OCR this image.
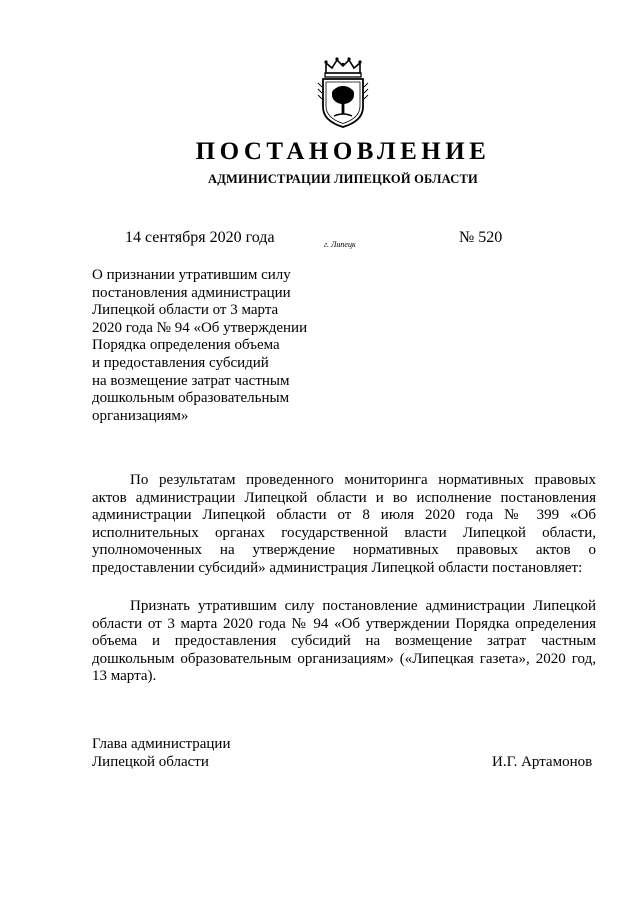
ПОСТАНОВЛЕНИЕ
АДМИНИСТРАЦИИ ЛИПЕЦКОЙ ОБЛАСТИ
14 сентября 2020 года	г. Липецк	№ 520
О признании утратившим силу
постановления администрации
Липецкой области от 3 марта
2020 года № 94 «Об утверждении
Порядка определения объема
и предоставления субсидий
на возмещение затрат частным
дошкольным образовательным
организациям»
По результатам проведенного мониторинга нормативных правовых актов администрации Липецкой области и во исполнение постановления администрации Липецкой области от 8 июля 2020 года № 399 «Об исполнительных органах государственной власти Липецкой области, уполномоченных на утверждение нормативных правовых актов о предоставлении субсидий» администрация Липецкой области постановляет:
Признать утратившим силу постановление администрации Липецкой области от 3 марта 2020 года № 94 «Об утверждении Порядка определения объема и предоставления субсидий на возмещение затрат частным дошкольным образовательным организациям» («Липецкая газета», 2020 год, 13 марта).
Глава администрации
Липецкой области	И.Г. Артамонов
